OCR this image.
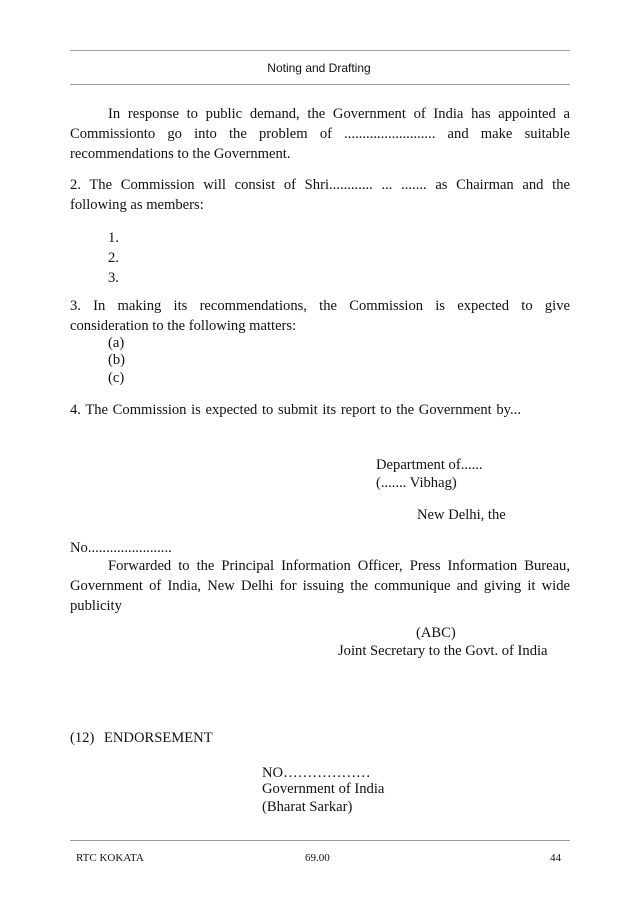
Noting and Drafting
In response to public demand, the Government of India has appointed a
Commissionto go into the problem of ......................... and make suitable
recommendations to the Government.
2. The Commission will consist of Shri............ ... ....... as Chairman and the
following as members:
1.
2.
3.
3. In making its recommendations, the Commission is expected to give
consideration to the following matters:
(a)
(b)
(c)
4. The Commission is expected to submit its report to the Government by...
Department of......
(....... Vibhag)
New Delhi, the
No.......................
Forwarded to the Principal Information Officer, Press Information Bureau,
Government of India, New Delhi for issuing the communique and giving it wide
publicity
(ABC)
Joint Secretary to the Govt. of India
(12) ENDORSEMENT
NO………………
Government of India
(Bharat Sarkar)
RTC KOKATA	69.00	44
